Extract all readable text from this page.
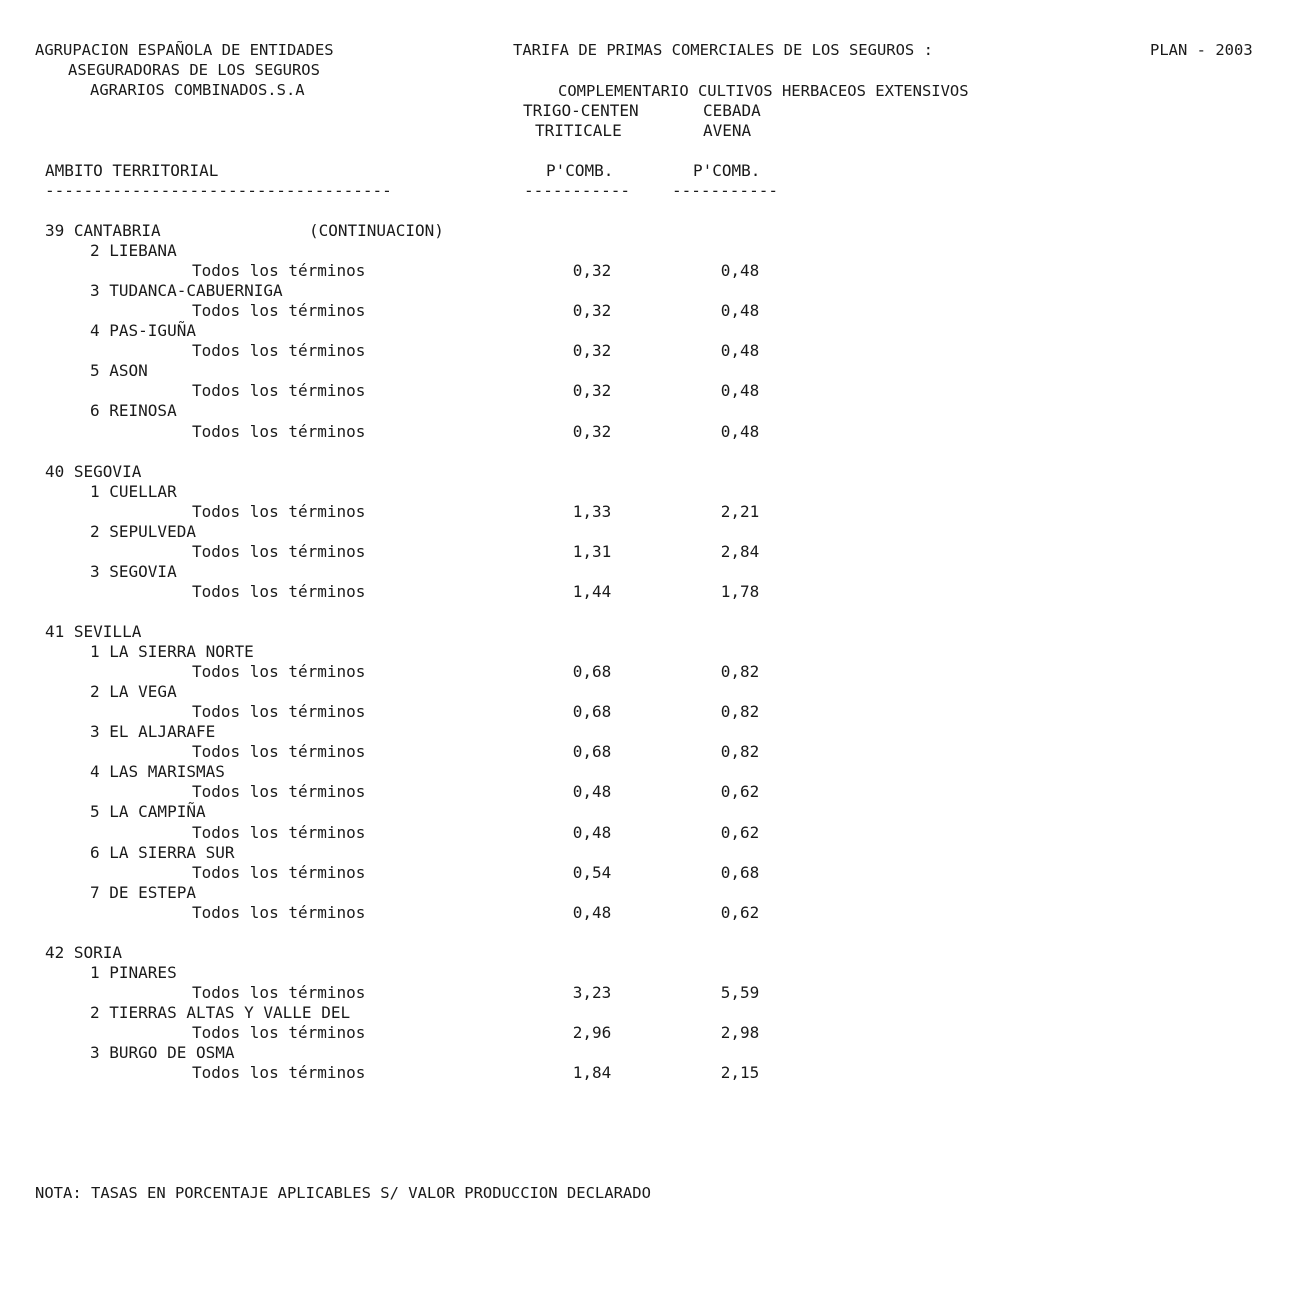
AGRUPACION ESPAÑOLA DE ENTIDADES
ASEGURADORAS DE LOS SEGUROS
AGRARIOS COMBINADOS.S.A
TARIFA DE PRIMAS COMERCIALES DE LOS SEGUROS :	PLAN - 2003
COMPLEMENTARIO CULTIVOS HERBACEOS EXTENSIVOS
TRIGO-CENTEN
TRITICALE
CEBADA
AVENA
AMBITO TERRITORIAL	P'COMB.	P'COMB.
------------------------------------	-----------	-----------
39 CANTABRIA	(CONTINUACION)
2 LIEBANA
Todos los términos	0,32	0,48
3 TUDANCA-CABUERNIGA
Todos los términos	0,32	0,48
4 PAS-IGUÑA
Todos los términos	0,32	0,48
5 ASON
Todos los términos	0,32	0,48
6 REINOSA
Todos los términos	0,32	0,48
40 SEGOVIA
1 CUELLAR
Todos los términos	1,33	2,21
2 SEPULVEDA
Todos los términos	1,31	2,84
3 SEGOVIA
Todos los términos	1,44	1,78
41 SEVILLA
1 LA SIERRA NORTE
Todos los términos	0,68	0,82
2 LA VEGA
Todos los términos	0,68	0,82
3 EL ALJARAFE
Todos los términos	0,68	0,82
4 LAS MARISMAS
Todos los términos	0,48	0,62
5 LA CAMPIÑA
Todos los términos	0,48	0,62
6 LA SIERRA SUR
Todos los términos	0,54	0,68
7 DE ESTEPA
Todos los términos	0,48	0,62
42 SORIA
1 PINARES
Todos los términos	3,23	5,59
2 TIERRAS ALTAS Y VALLE DEL
Todos los términos	2,96	2,98
3 BURGO DE OSMA
Todos los términos	1,84	2,15
NOTA: TASAS EN PORCENTAJE APLICABLES S/ VALOR PRODUCCION DECLARADO
